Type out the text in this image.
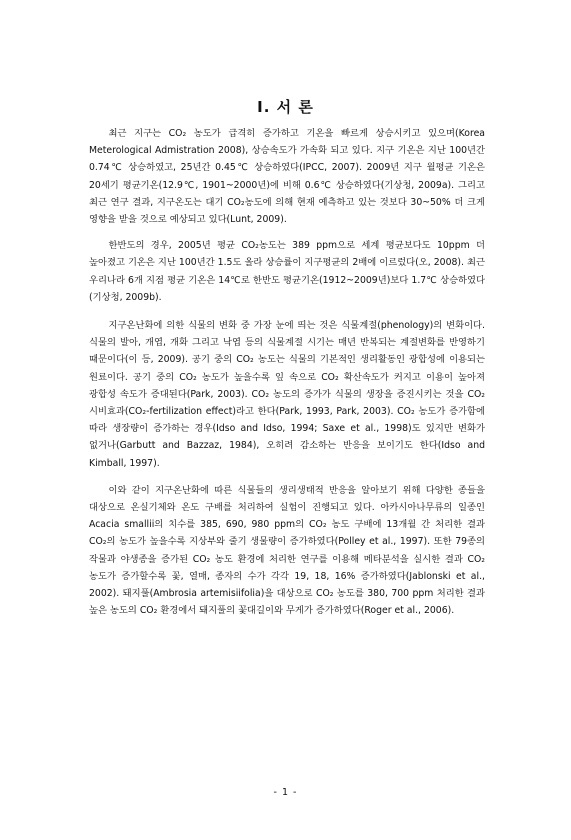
Ⅰ. 서 론

최근 지구는 CO₂ 농도가 급격히 증가하고 기온을 빠르게 상승시키고 있으며(Korea Meterological Admistration 2008), 상승속도가 가속화 되고 있다. 지구 기온은 지난 100년간 0.74℃ 상승하였고, 25년간 0.45℃ 상승하였다(IPCC, 2007). 2009년 지구 월평균 기온은 20세기 평균기온(12.9℃, 1901~2000년)에 비해 0.6℃ 상승하였다(기상청, 2009a). 그리고 최근 연구 결과, 지구온도는 대기 CO₂농도에 의해 현재 예측하고 있는 것보다 30~50% 더 크게 영향을 받을 것으로 예상되고 있다(Lunt, 2009).

한반도의 경우, 2005년 평균 CO₂농도는 389 ppm으로 세계 평균보다도 10ppm 더 높아졌고 기온은 지난 100년간 1.5도 올라 상승률이 지구평균의 2배에 이르렀다(오, 2008). 최근 우리나라 6개 지점 평균 기온은 14℃로 한반도 평균기온(1912~2009년)보다 1.7℃ 상승하였다(기상청, 2009b).

지구온난화에 의한 식물의 변화 중 가장 눈에 띄는 것은 식물계절(phenology)의 변화이다. 식물의 발아, 개엽, 개화 그리고 낙엽 등의 식물계절 시기는 매년 반복되는 계절변화를 반영하기 때문이다(이 등, 2009). 공기 중의 CO₂ 농도는 식물의 기본적인 생리활동인 광합성에 이용되는 원료이다. 공기 중의 CO₂ 농도가 높을수록 잎 속으로 CO₂ 확산속도가 커지고 이용이 높아져 광합성 속도가 증대된다(Park, 2003). CO₂ 농도의 증가가 식물의 생장을 증진시키는 것을 CO₂ 시비효과(CO₂-fertilization effect)라고 한다(Park, 1993, Park, 2003). CO₂ 농도가 증가함에 따라 생장량이 증가하는 경우(Idso and Idso, 1994; Saxe et al., 1998)도 있지만 변화가 없거나(Garbutt and Bazzaz, 1984), 오히려 감소하는 반응을 보이기도 한다(Idso and Kimball, 1997).

이와 같이 지구온난화에 따른 식물들의 생리생태적 반응을 알아보기 위해 다양한 종들을 대상으로 온실기체와 온도 구배를 처리하여 실험이 진행되고 있다. 아카시아나무류의 일종인 Acacia smallii의 치수를 385, 690, 980 ppm의 CO₂ 농도 구배에 13개월 간 처리한 결과 CO₂의 농도가 높을수록 지상부와 줄기 생물량이 증가하였다(Polley et al., 1997). 또한 79종의 작물과 야생종을 증가된 CO₂ 농도 환경에 처리한 연구를 이용해 메타분석을 실시한 결과 CO₂ 농도가 증가할수록 꽃, 열매, 종자의 수가 각각 19, 18, 16% 증가하였다(Jablonski et al., 2002). 돼지풀(Ambrosia artemisiifolia)을 대상으로 CO₂ 농도를 380, 700 ppm 처리한 결과 높은 농도의 CO₂ 환경에서 돼지풀의 꽃대길이와 무게가 증가하였다(Roger et al., 2006).

- 1 -
